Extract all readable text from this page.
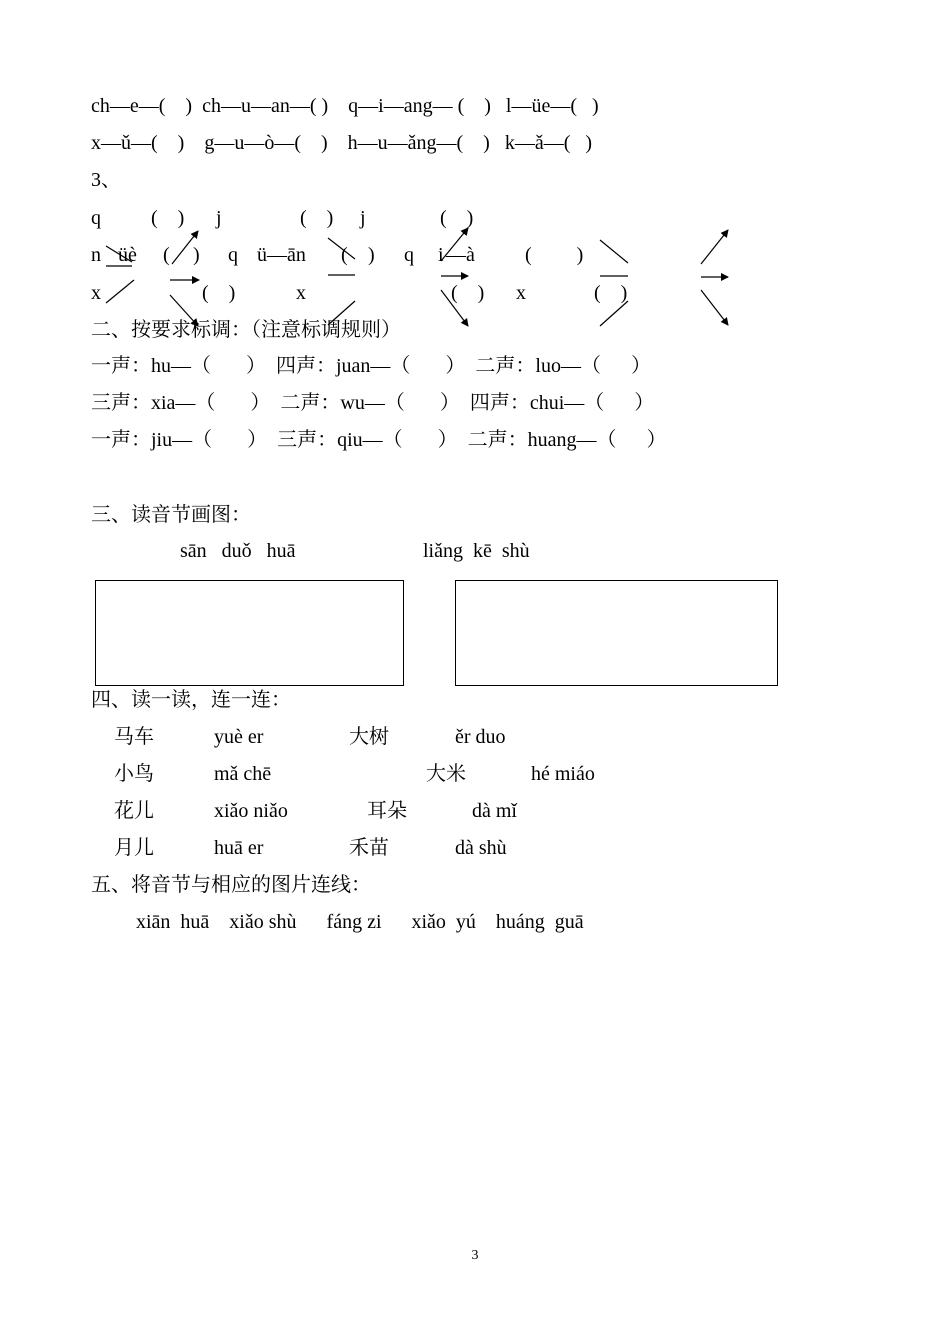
ch—e—(    )  ch—u—an—( )    q—i—ang— (    )   l—üe—(   )
x—ǔ—(    )    g—u—ò—(    )    h—u—ǎng—(    )   k—ǎ—(   )
3、
q	(    ) j	(    ) j	(    )
n üè ( ) q ü—ān ( ) q i —à	(         )
x	(    )	x	(    ) x	(    )
二、按要求标调：（注意标调规则）
一声：hu—（       ）  四声：juan—（       ）  二声：luo—（      ）
三声：xia—（       ）  二声：wu—（       ）  四声：chui—（      ）
一声：jiu—（       ）  三声：qiu—（       ）  二声：huang—（      ）
三、读音节画图：
sān   duǒ   huā	liǎng  kē  shù
四、读一读，连一连：
马车	yuè er	大树	ěr duo
小鸟	mǎ chē	大米	hé miáo
花儿	xiǎo niǎo	耳朵	dà mǐ
月儿	huā er	禾苗	dà shù
五、将音节与相应的图片连线：
xiān  huā    xiǎo shù      fáng zi      xiǎo  yú    huáng  guā
3
